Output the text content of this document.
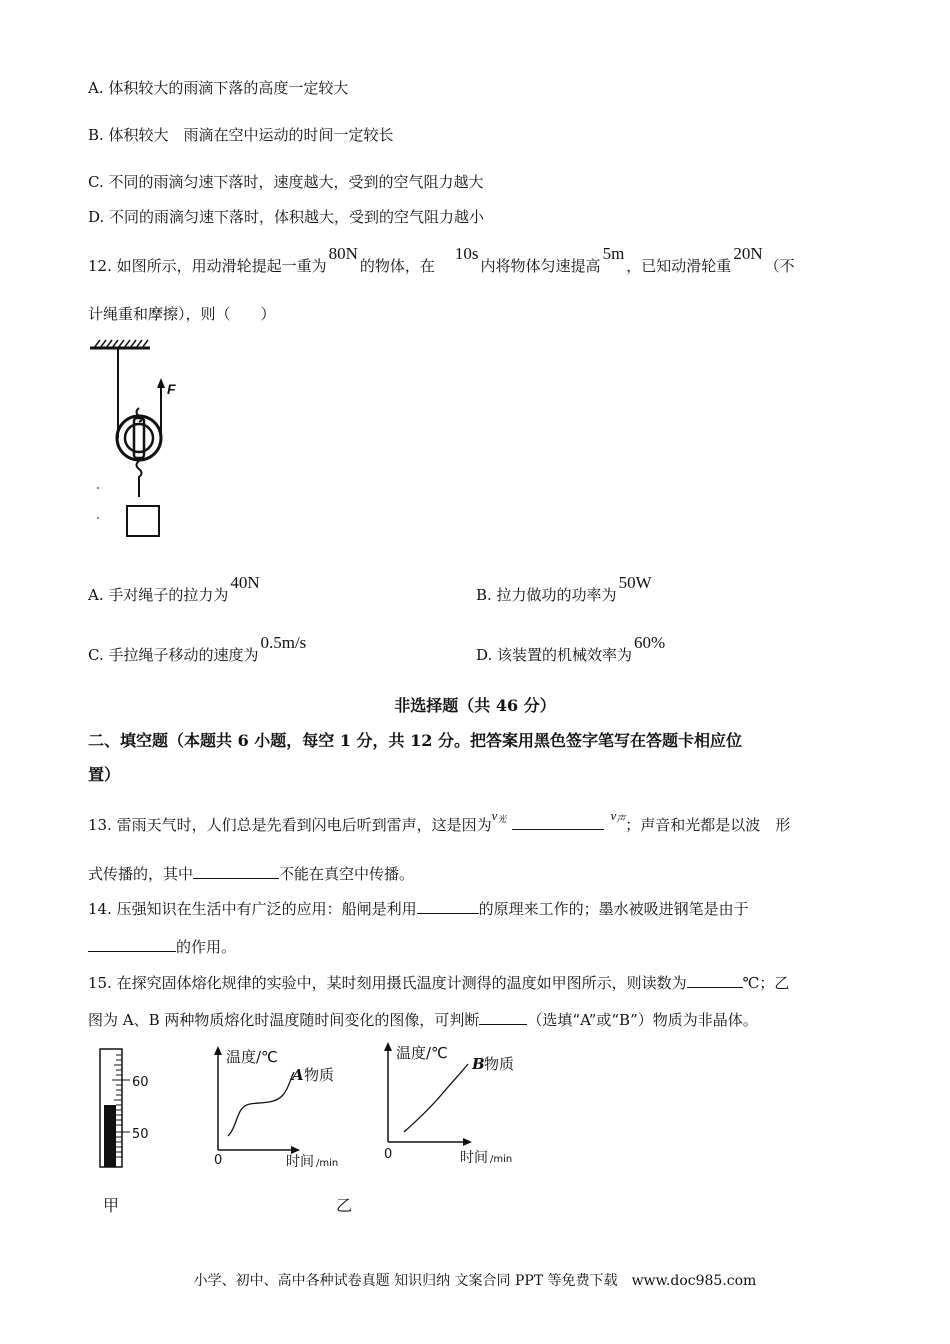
A. 体积较大的雨滴下落的高度一定较大
B. 体积较大　雨滴在空中运动的时间一定较长
C. 不同的雨滴匀速下落时，速度越大，受到的空气阻力越大
D. 不同的雨滴匀速下落时，体积越大，受到的空气阻力越小
12. 如图所示，用动滑轮提起一重为80N的物体，在10s内将物体匀速提高5m，已知动滑轮重20N（不
计绳重和摩擦），则（　　）
F
A. 手对绳子的拉力为40N
B. 拉力做功的功率为50W
C. 手拉绳子移动的速度为0.5m/s
D. 该装置的机械效率为60%
非选择题（共 46 分）
二、填空题（本题共 6 小题，每空 1 分，共 12 分。把答案用黑色签字笔写在答题卡相应位
置）
13. 雷雨天气时，人们总是先看到闪电后听到雷声，这是因为v光	v声；声音和光都是以波　形
式传播的，其中	不能在真空中传播。
14. 压强知识在生活中有广泛的应用：船闸是利用	的原理来工作的；墨水被吸进钢笔是由于
的作用。
15. 在探究固体熔化规律的实验中，某时刻用摄氏温度计测得的温度如甲图所示，则读数为	℃；乙
图为 A、B 两种物质熔化时温度随时间变化的图像，可判断	（选填“A”或“B”）物质为非晶体。
60
50
甲
温度/℃
A 物质
0	时间 /min
乙
温度/℃
B 物质
0	时间 /min
小学、初中、高中各种试卷真题 知识归纳 文案合同 PPT 等免费下载　www.doc985.com
